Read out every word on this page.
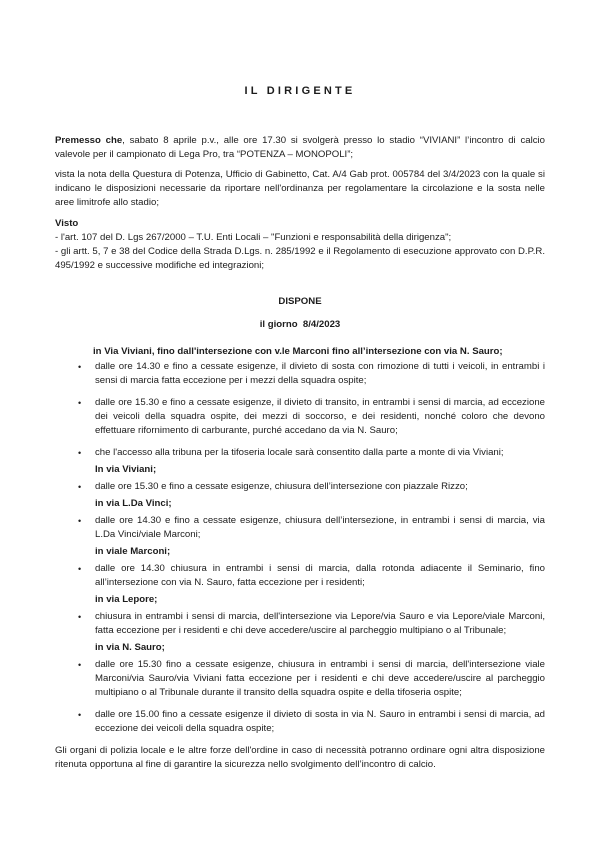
IL DIRIGENTE

Premesso che, sabato 8 aprile p.v., alle ore 17.30 si svolgerà presso lo stadio “VIVIANI” l’incontro di calcio valevole per il campionato di Lega Pro, tra “POTENZA – MONOPOLI”;

vista la nota della Questura di Potenza, Ufficio di Gabinetto, Cat. A/4 Gab prot. 005784 del 3/4/2023 con la quale si indicano le disposizioni necessarie da riportare nell'ordinanza per regolamentare la circolazione e la sosta nelle aree limitrofe allo stadio;

Visto

- l'art. 107 del D. Lgs 267/2000 – T.U. Enti Locali – "Funzioni e responsabilità della dirigenza";

- gli artt. 5, 7 e 38 del Codice della Strada D.Lgs. n. 285/1992 e il Regolamento di esecuzione approvato con D.P.R. 495/1992 e successive modifiche ed integrazioni;

DISPONE

il giorno  8/4/2023

in Via Viviani, fino dall'intersezione con v.le Marconi fino all’intersezione con via N. Sauro;

• dalle ore 14.30 e fino a cessate esigenze, il divieto di sosta con rimozione di tutti i veicoli, in entrambi i sensi di marcia fatta eccezione per i mezzi della squadra ospite;

• dalle ore 15.30 e fino a cessate esigenze, il divieto di transito, in entrambi i sensi di marcia, ad eccezione dei veicoli della squadra ospite, dei mezzi di soccorso, e dei residenti, nonché coloro che devono effettuare rifornimento di carburante, purché accedano da via N. Sauro;

• che l'accesso alla tribuna per la tifoseria locale sarà consentito dalla parte a monte di via Viviani;

In via Viviani;

• dalle ore 15.30 e fino a cessate esigenze, chiusura dell’intersezione con piazzale Rizzo;

in via L.Da Vinci;

• dalle ore 14.30 e fino a cessate esigenze, chiusura dell’intersezione, in entrambi i sensi di marcia, via L.Da Vinci/viale Marconi;

in viale Marconi;

• dalle ore 14.30 chiusura in entrambi i sensi di marcia, dalla rotonda adiacente il Seminario, fino all’intersezione con via N. Sauro, fatta eccezione per i residenti;

in via Lepore;

• chiusura in entrambi i sensi di marcia, dell'intersezione via Lepore/via Sauro e via Lepore/viale Marconi, fatta eccezione per i residenti e chi deve accedere/uscire al parcheggio multipiano o al Tribunale;

in via N. Sauro;

• dalle ore 15.30 fino a cessate esigenze, chiusura in entrambi i sensi di marcia, dell'intersezione viale Marconi/via Sauro/via Viviani fatta eccezione per i residenti e chi deve accedere/uscire al parcheggio multipiano o al Tribunale durante il transito della squadra ospite e della tifoseria ospite;

• dalle ore 15.00 fino a cessate esigenze il divieto di sosta in via N. Sauro in entrambi i sensi di marcia, ad eccezione dei veicoli della squadra ospite;

Gli organi di polizia locale e le altre forze dell'ordine in caso di necessità potranno ordinare ogni altra disposizione ritenuta opportuna al fine di garantire la sicurezza nello svolgimento dell’incontro di calcio.
